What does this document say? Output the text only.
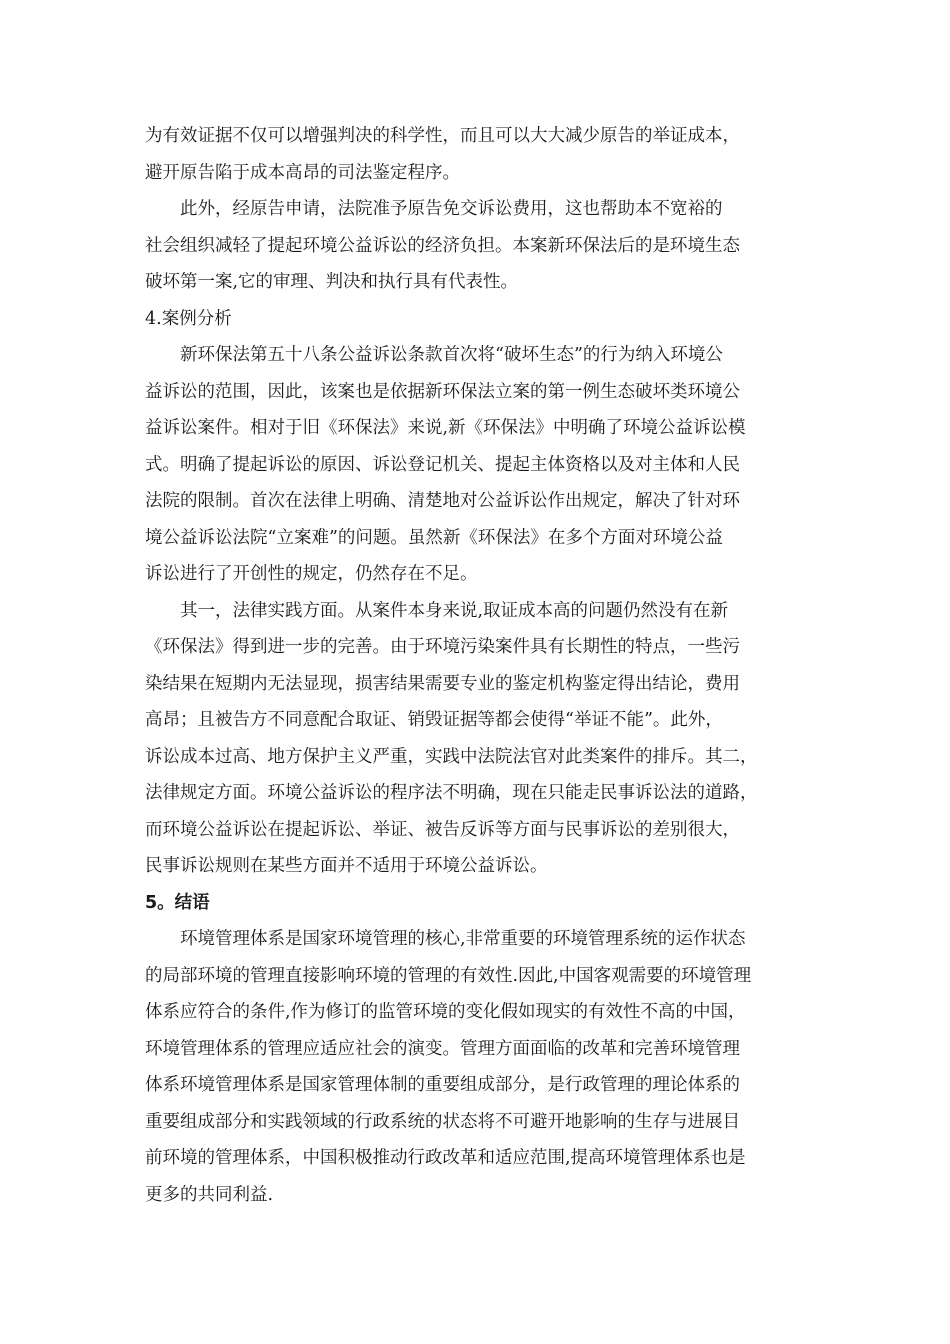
为有效证据不仅可以增强判决的科学性，而且可以大大减少原告的举证成本，
避开原告陷于成本高昂的司法鉴定程序。
　　此外，经原告申请，法院准予原告免交诉讼费用，这也帮助本不宽裕的
社会组织减轻了提起环境公益诉讼的经济负担。本案新环保法后的是环境生态
破坏第一案,它的审理、判决和执行具有代表性。
4.案例分析
　　新环保法第五十八条公益诉讼条款首次将“破坏生态”的行为纳入环境公
益诉讼的范围，因此，该案也是依据新环保法立案的第一例生态破坏类环境公
益诉讼案件。相对于旧《环保法》来说,新《环保法》中明确了环境公益诉讼模
式。明确了提起诉讼的原因、诉讼登记机关、提起主体资格以及对主体和人民
法院的限制。首次在法律上明确、清楚地对公益诉讼作出规定，解决了针对环
境公益诉讼法院“立案难”的问题。虽然新《环保法》在多个方面对环境公益
诉讼进行了开创性的规定，仍然存在不足。
　　其一，法律实践方面。从案件本身来说,取证成本高的问题仍然没有在新
《环保法》得到进一步的完善。由于环境污染案件具有长期性的特点，一些污
染结果在短期内无法显现，损害结果需要专业的鉴定机构鉴定得出结论，费用
高昂；且被告方不同意配合取证、销毁证据等都会使得“举证不能”。此外，
诉讼成本过高、地方保护主义严重，实践中法院法官对此类案件的排斥。其二，
法律规定方面。环境公益诉讼的程序法不明确，现在只能走民事诉讼法的道路，
而环境公益诉讼在提起诉讼、举证、被告反诉等方面与民事诉讼的差别很大，
民事诉讼规则在某些方面并不适用于环境公益诉讼。
5。结语
　　环境管理体系是国家环境管理的核心,非常重要的环境管理系统的运作状态
的局部环境的管理直接影响环境的管理的有效性.因此,中国客观需要的环境管理
体系应符合的条件,作为修订的监管环境的变化假如现实的有效性不高的中国，
环境管理体系的管理应适应社会的演变。管理方面面临的改革和完善环境管理
体系环境管理体系是国家管理体制的重要组成部分，是行政管理的理论体系的
重要组成部分和实践领域的行政系统的状态将不可避开地影响的生存与进展目
前环境的管理体系，中国积极推动行政改革和适应范围,提高环境管理体系也是
更多的共同利益.
